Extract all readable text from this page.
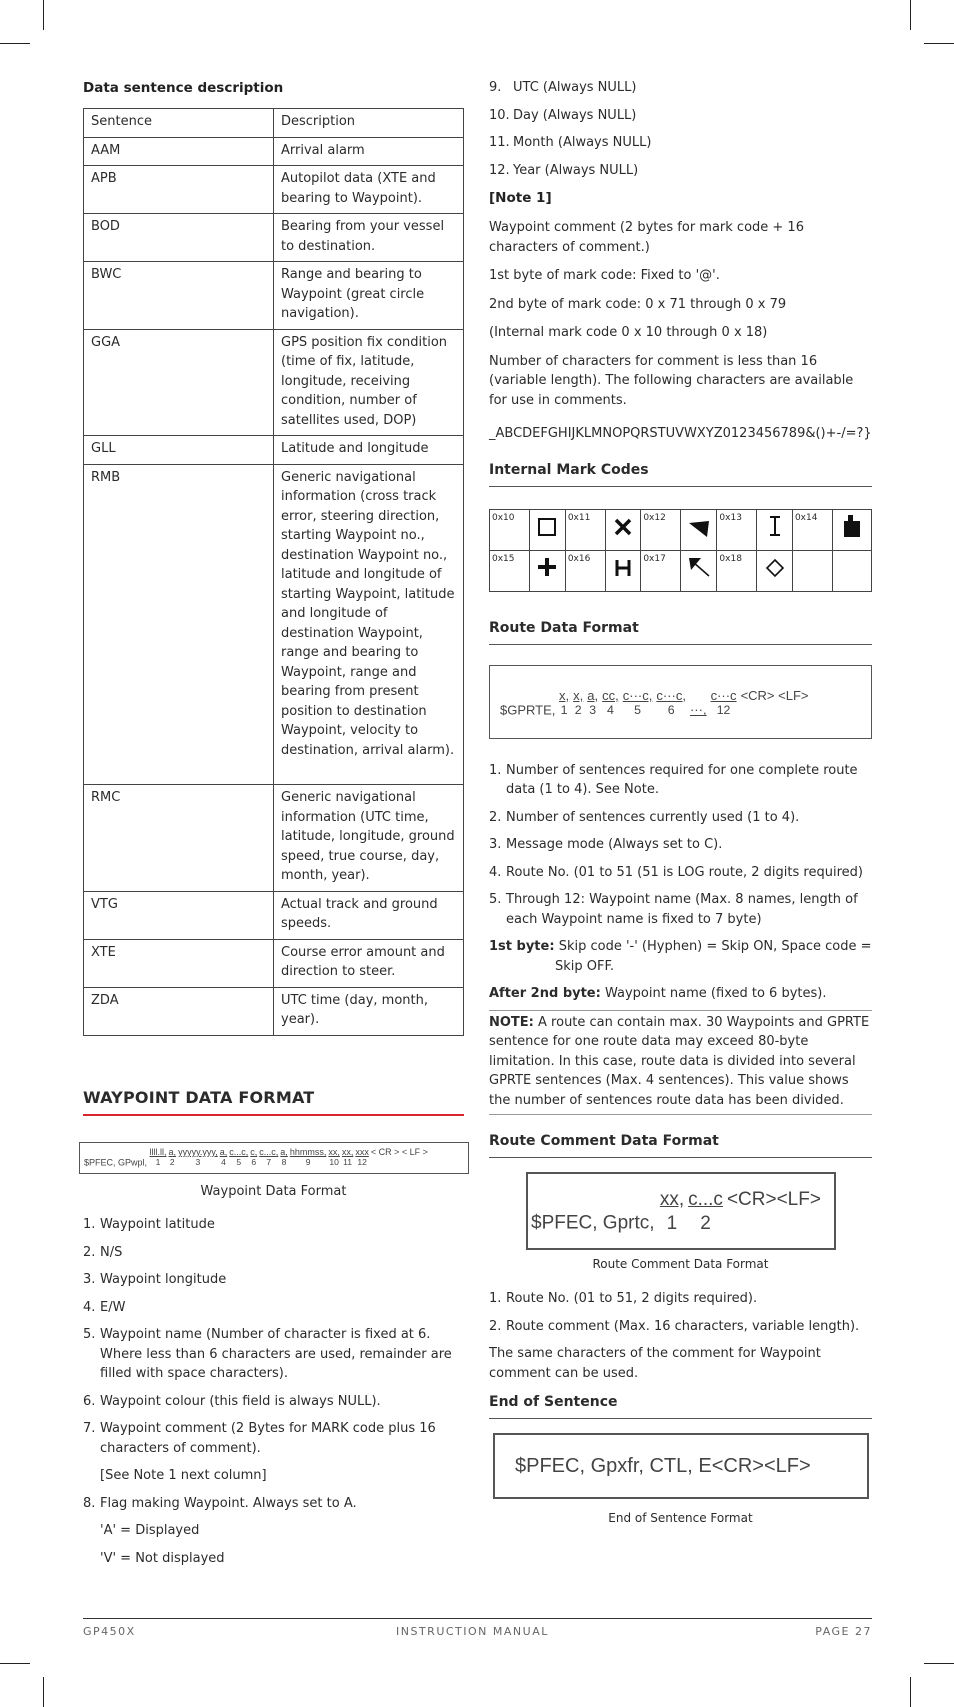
Data sentence description
Sentence	Description
AAM	Arrival alarm
APB	Autopilot data (XTE and bearing to Waypoint).
BOD	Bearing from your vessel to destination.
BWC	Range and bearing to Waypoint (great circle navigation).
GGA	GPS position fix condition (time of fix, latitude, longitude, receiving condition, number of satellites used, DOP)
GLL	Latitude and longitude
RMB	Generic navigational information (cross track error, steering direction, starting Waypoint no., destination Waypoint no., latitude and longitude of starting Waypoint, latitude and longitude of destination Waypoint, range and bearing to Waypoint, range and bearing from present position to destination Waypoint, velocity to destination, arrival alarm).
RMC	Generic navigational information (UTC time, latitude, longitude, ground speed, true course, day, month, year).
VTG	Actual track and ground speeds.
XTE	Course error amount and direction to steer.
ZDA	UTC time (day, month, year).
WAYPOINT DATA FORMAT
$PFEC, GPwpl, llll.ll,
$1 \frac{a,}{2}$ yyyyy.yyy,
3	$\frac{a,}{4} \frac{c...c,}{5} \frac{c,}{6} \frac{c...c,}{7} \frac{a,}{8}$ hhmmss,
9	$\frac{xx,}{10} \frac{xx,}{11}$ xxx
12
< CR > < LF >
Waypoint Data Format
1. Waypoint latitude
2. N/S
3. Waypoint longitude
4. E/W
5. Waypoint name (Number of character is fixed at 6. Where less than 6 characters are used, remainder are filled with space characters).
6. Waypoint colour (this field is always NULL).
7. Waypoint comment (2 Bytes for MARK code plus 16 characters of comment).
[See Note 1 next column]
8. Flag making Waypoint. Always set to A.
'A' = Displayed
'V' = Not displayed
9. UTC (Always NULL)
10. Day (Always NULL)
11. Month (Always NULL)
12. Year (Always NULL)
[Note 1]

Waypoint comment (2 bytes for mark code + 16 characters of comment.)

1st byte of mark code: Fixed to '@'.

2nd byte of mark code: 0 x 71 through 0 x 79

(Internal mark code 0 x 10 through 0 x 18)

Number of characters for comment is less than 16 (variable length). The following characters are available for use in comments.

_ABCDEFGHIJKLMNOPQRSTUVWXYZ0123456789&()+-/=?}

Internal Mark Codes
0x10		0x11		0x12		0x13		0x14	
0x15		0x16		0x17		0x18			
Route Data Format
$GPRTE, $\frac{x,}{1} \frac{x,}{2} \frac{a,}{3} \frac{cc,}{4} \frac{c\cdot\cdot\cdot c,}{5} \frac{c\cdot\cdot\cdot c,}{6}$ ···, $\frac{c\cdot\cdot\cdot c}{12} <CR> <LF>$
1. Number of sentences required for one complete route data (1 to 4). See Note.
2. Number of sentences currently used (1 to 4).
3. Message mode (Always set to C).
4. Route No. (01 to 51 (51 is LOG route, 2 digits required)
5. Through 12: Waypoint name (Max. 8 names, length of each Waypoint name is fixed to 7 byte)
1st byte: Skip code '-' (Hyphen) = Skip ON, Space code = Skip OFF.
After 2nd byte: Waypoint name (fixed to 6 bytes).
NOTE: A route can contain max. 30 Waypoints and GPRTE sentence for one route data may exceed 80-byte limitation. In this case, route data is divided into several GPRTE sentences (Max. 4 sentences). This value shows the number of sentences route data has been divided.
Route Comment Data Format
$PFEC, Gprtc, $\frac{xx,}{1} \frac{c...c}{2} <CR><LF>$
Route Comment Data Format
1. Route No. (01 to 51, 2 digits required).
2. Route comment (Max. 16 characters, variable length).

The same characters of the comment for Waypoint comment can be used.

End of Sentence
$PFEC, Gpxfr, CTL, E<CR><LF>
End of Sentence Format
GP450X	INSTRUCTION MANUAL	PAGE 27
